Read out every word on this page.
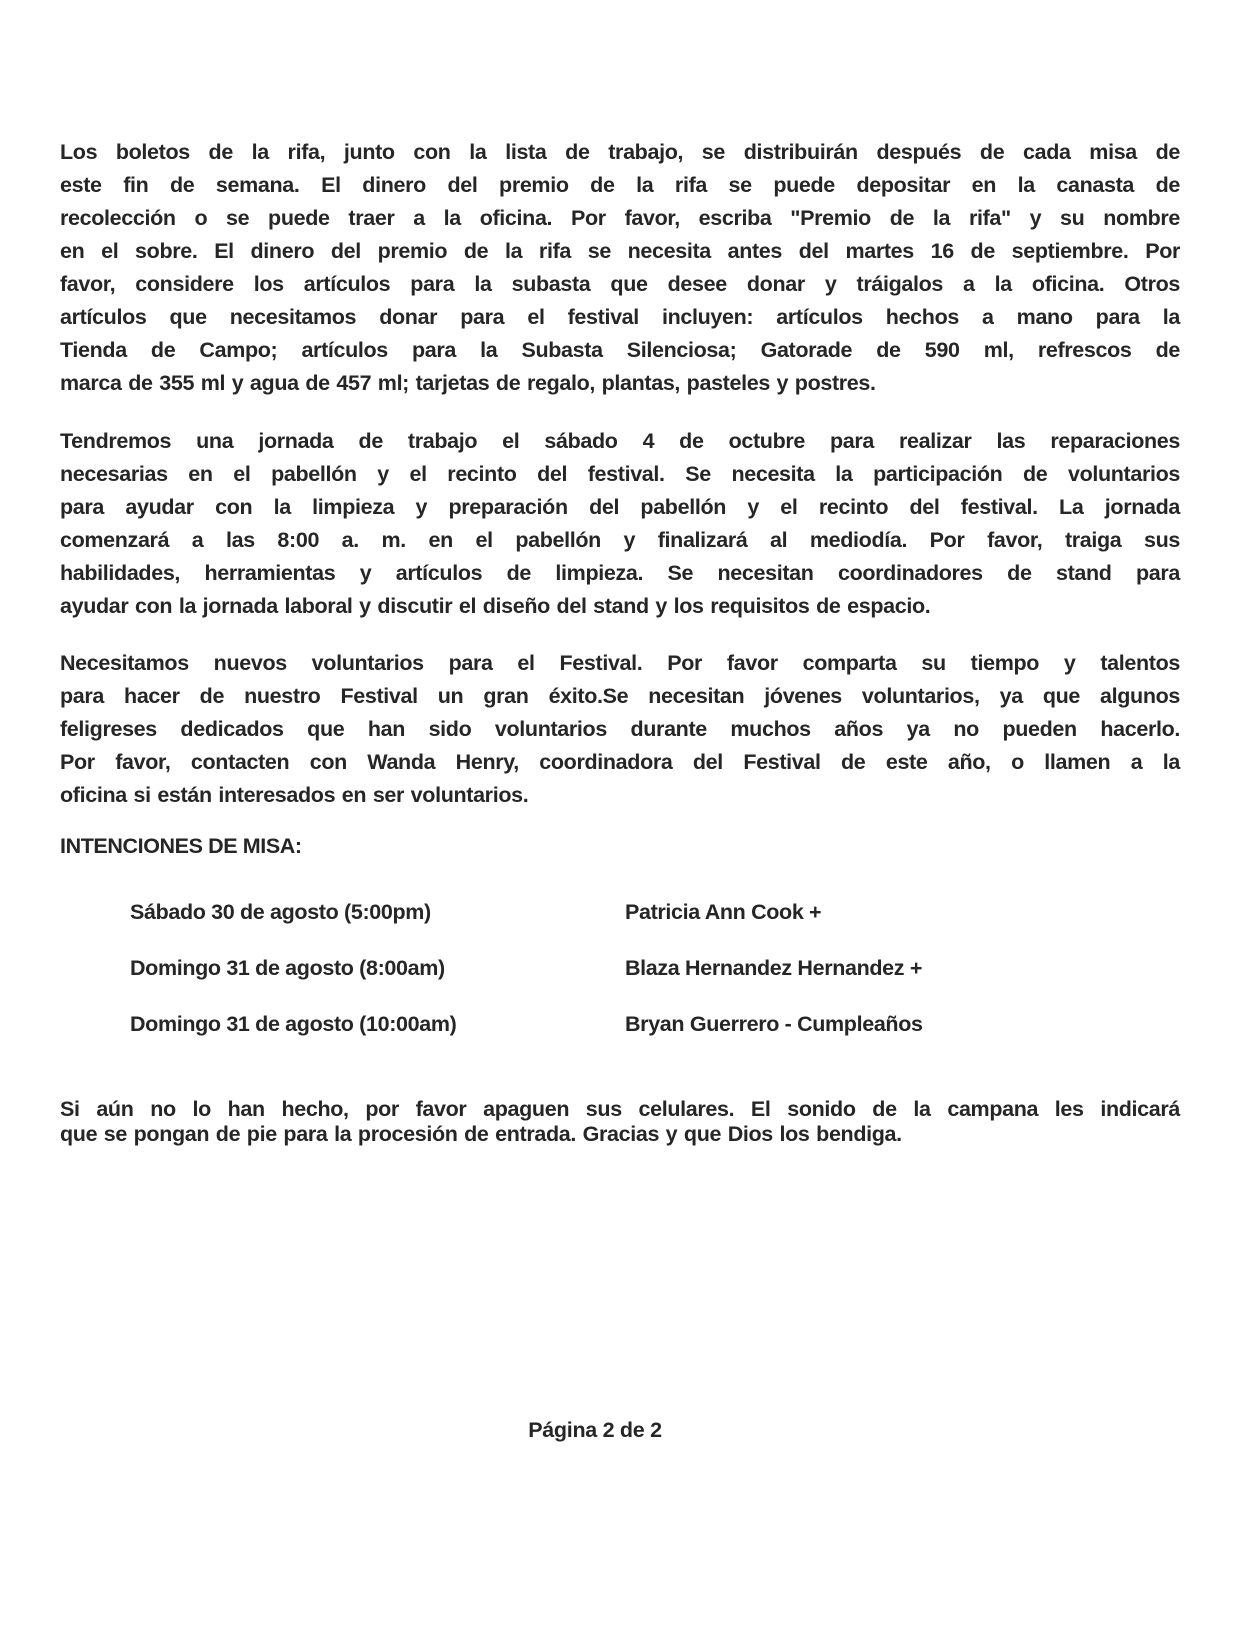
Los boletos de la rifa, junto con la lista de trabajo, se distribuirán después de cada misa de
este fin de semana. El dinero del premio de la rifa se puede depositar en la canasta de
recolección o se puede traer a la oficina. Por favor, escriba "Premio de la rifa" y su nombre
en el sobre. El dinero del premio de la rifa se necesita antes del martes 16 de septiembre. Por
favor, considere los artículos para la subasta que desee donar y tráigalos a la oficina. Otros
artículos que necesitamos donar para el festival incluyen: artículos hechos a mano para la
Tienda de Campo; artículos para la Subasta Silenciosa; Gatorade de 590 ml, refrescos de
marca de 355 ml y agua de 457 ml; tarjetas de regalo, plantas, pasteles y postres.
Tendremos una jornada de trabajo el sábado 4 de octubre para realizar las reparaciones
necesarias en el pabellón y el recinto del festival. Se necesita la participación de voluntarios
para ayudar con la limpieza y preparación del pabellón y el recinto del festival. La jornada
comenzará a las 8:00 a. m. en el pabellón y finalizará al mediodía. Por favor, traiga sus
habilidades, herramientas y artículos de limpieza. Se necesitan coordinadores de stand para
ayudar con la jornada laboral y discutir el diseño del stand y los requisitos de espacio.
Necesitamos nuevos voluntarios para el Festival. Por favor comparta su tiempo y talentos
para hacer de nuestro Festival un gran éxito.Se necesitan jóvenes voluntarios, ya que algunos
feligreses dedicados que han sido voluntarios durante muchos años ya no pueden hacerlo.
Por favor, contacten con Wanda Henry, coordinadora del Festival de este año, o llamen a la
oficina si están interesados en ser voluntarios.
INTENCIONES DE MISA:
Sábado 30 de agosto (5:00pm)	Patricia Ann Cook +
Domingo 31 de agosto (8:00am)	Blaza Hernandez Hernandez +
Domingo 31 de agosto (10:00am)	Bryan Guerrero - Cumpleaños
Si aún no lo han hecho, por favor apaguen sus celulares. El sonido de la campana les indicará
que se pongan de pie para la procesión de entrada. Gracias y que Dios los bendiga.
Página 2 de 2
